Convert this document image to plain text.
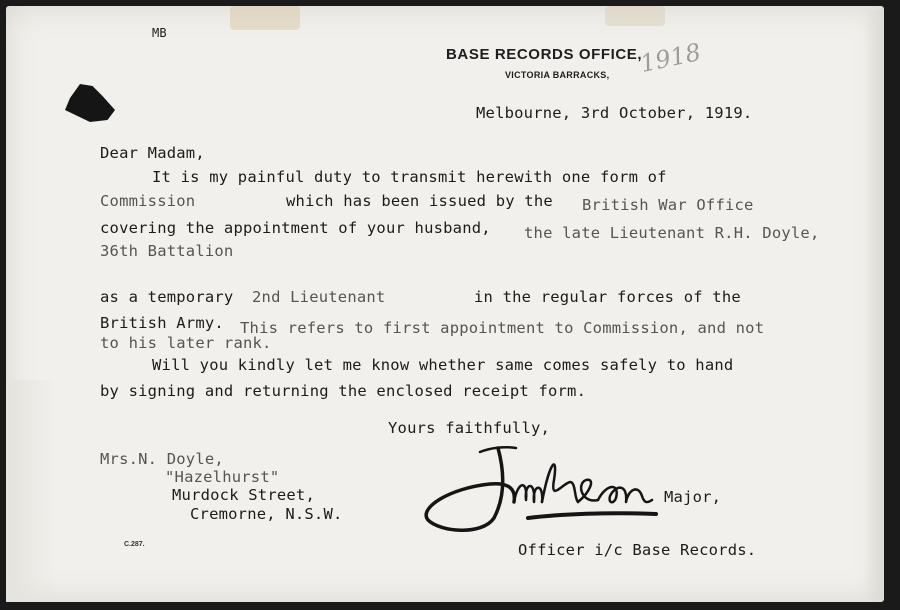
MB
BASE RECORDS OFFICE,
VICTORIA BARRACKS, 1918
Melbourne, 3rd October, 1919.
Dear Madam,
It is my painful duty to transmit herewith one form of
Commission	which has been issued by the British War Office
covering the appointment of your husband, the late Lieutenant R.H. Doyle,
36th Battalion
as a temporary 2nd Lieutenant	in the regular forces of the
British Army. This refers to first appointment to Commission, and not
to his later rank.
Will you kindly let me know whether same comes safely to hand
by signing and returning the enclosed receipt form.
Yours faithfully,
Mrs.N. Doyle,
"Hazelhurst"
Murdock Street,
Cremorne, N.S.W.
Major,
Officer i/c Base Records.
C.287.
